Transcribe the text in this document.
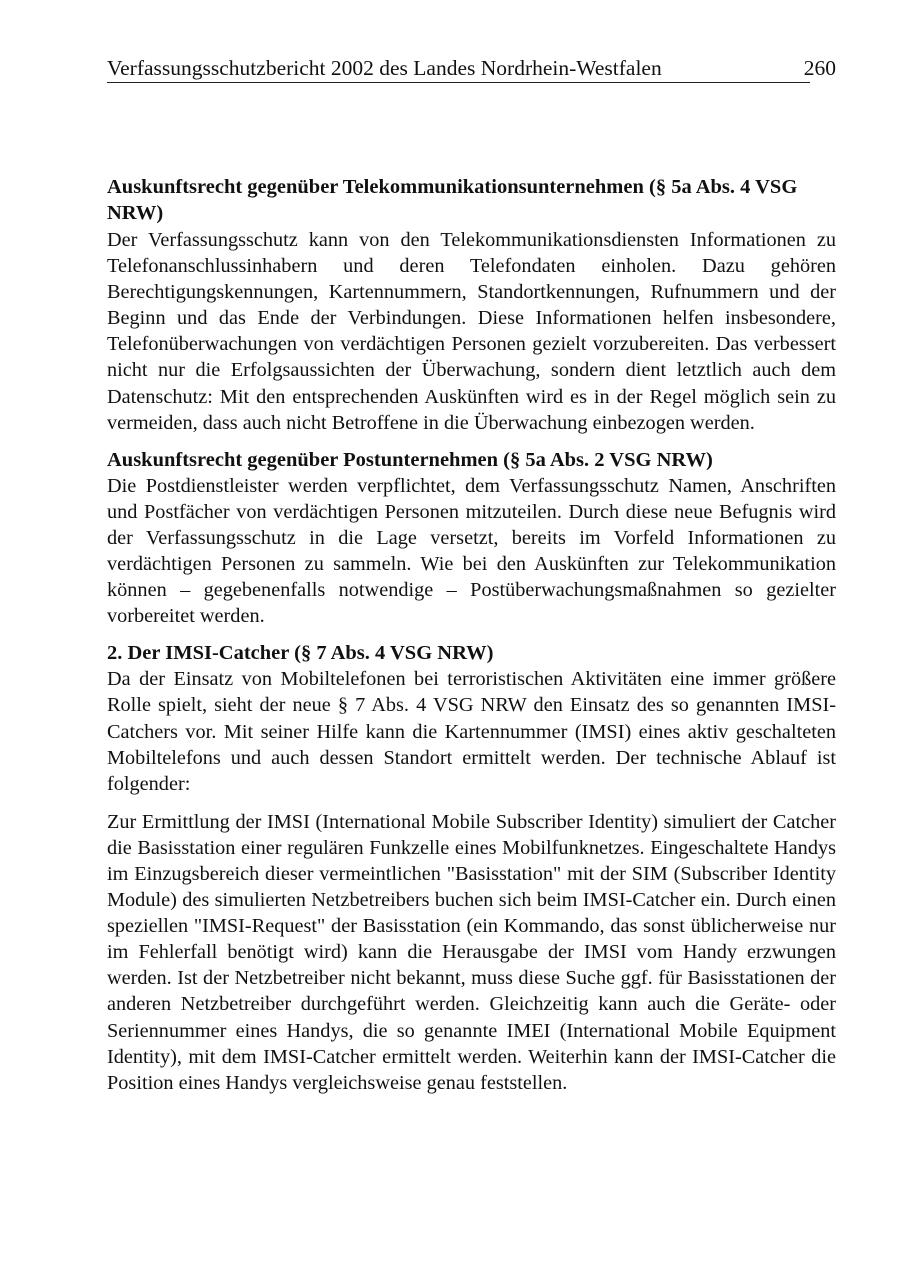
Verfassungsschutzbericht 2002 des Landes Nordrhein-Westfalen	260
Auskunftsrecht gegenüber Telekommunikationsunternehmen (§ 5a Abs. 4 VSG NRW)

Der Verfassungsschutz kann von den Telekommunikationsdiensten Informationen zu Telefonanschlussinhabern und deren Telefondaten einholen. Dazu gehören Berechtigungskennungen, Kartennummern, Standortkennungen, Rufnummern und der Beginn und das Ende der Verbindungen. Diese Informationen helfen insbesondere, Telefonüberwachungen von verdächtigen Personen gezielt vorzubereiten. Das verbessert nicht nur die Erfolgsaussichten der Überwachung, sondern dient letztlich auch dem Datenschutz: Mit den entsprechenden Auskünften wird es in der Regel möglich sein zu vermeiden, dass auch nicht Betroffene in die Überwachung einbezogen werden.

Auskunftsrecht gegenüber Postunternehmen (§ 5a Abs. 2 VSG NRW)

Die Postdienstleister werden verpflichtet, dem Verfassungsschutz Namen, Anschriften und Postfächer von verdächtigen Personen mitzuteilen. Durch diese neue Befugnis wird der Verfassungsschutz in die Lage versetzt, bereits im Vorfeld Informationen zu verdächtigen Personen zu sammeln. Wie bei den Auskünften zur Telekommunikation können – gegebenenfalls notwendige – Postüberwachungsmaßnahmen so gezielter vorbereitet werden.

2. Der IMSI-Catcher (§ 7 Abs. 4 VSG NRW)

Da der Einsatz von Mobiltelefonen bei terroristischen Aktivitäten eine immer größere Rolle spielt, sieht der neue § 7 Abs. 4 VSG NRW den Einsatz des so genannten IMSI-Catchers vor. Mit seiner Hilfe kann die Kartennummer (IMSI) eines aktiv geschalteten Mobiltelefons und auch dessen Standort ermittelt werden. Der technische Ablauf ist folgender:

Zur Ermittlung der IMSI (International Mobile Subscriber Identity) simuliert der Catcher die Basisstation einer regulären Funkzelle eines Mobilfunknetzes. Eingeschaltete Handys im Einzugsbereich dieser vermeintlichen "Basisstation" mit der SIM (Subscriber Identity Module) des simulierten Netzbetreibers buchen sich beim IMSI-Catcher ein. Durch einen speziellen "IMSI-Request" der Basisstation (ein Kommando, das sonst üblicherweise nur im Fehlerfall benötigt wird) kann die Herausgabe der IMSI vom Handy erzwungen werden. Ist der Netzbetreiber nicht bekannt, muss diese Suche ggf. für Basisstationen der anderen Netzbetreiber durchgeführt werden. Gleichzeitig kann auch die Geräte- oder Seriennummer eines Handys, die so genannte IMEI (International Mobile Equipment Identity), mit dem IMSI-Catcher ermittelt werden. Weiterhin kann der IMSI-Catcher die Position eines Handys vergleichsweise genau feststellen.
